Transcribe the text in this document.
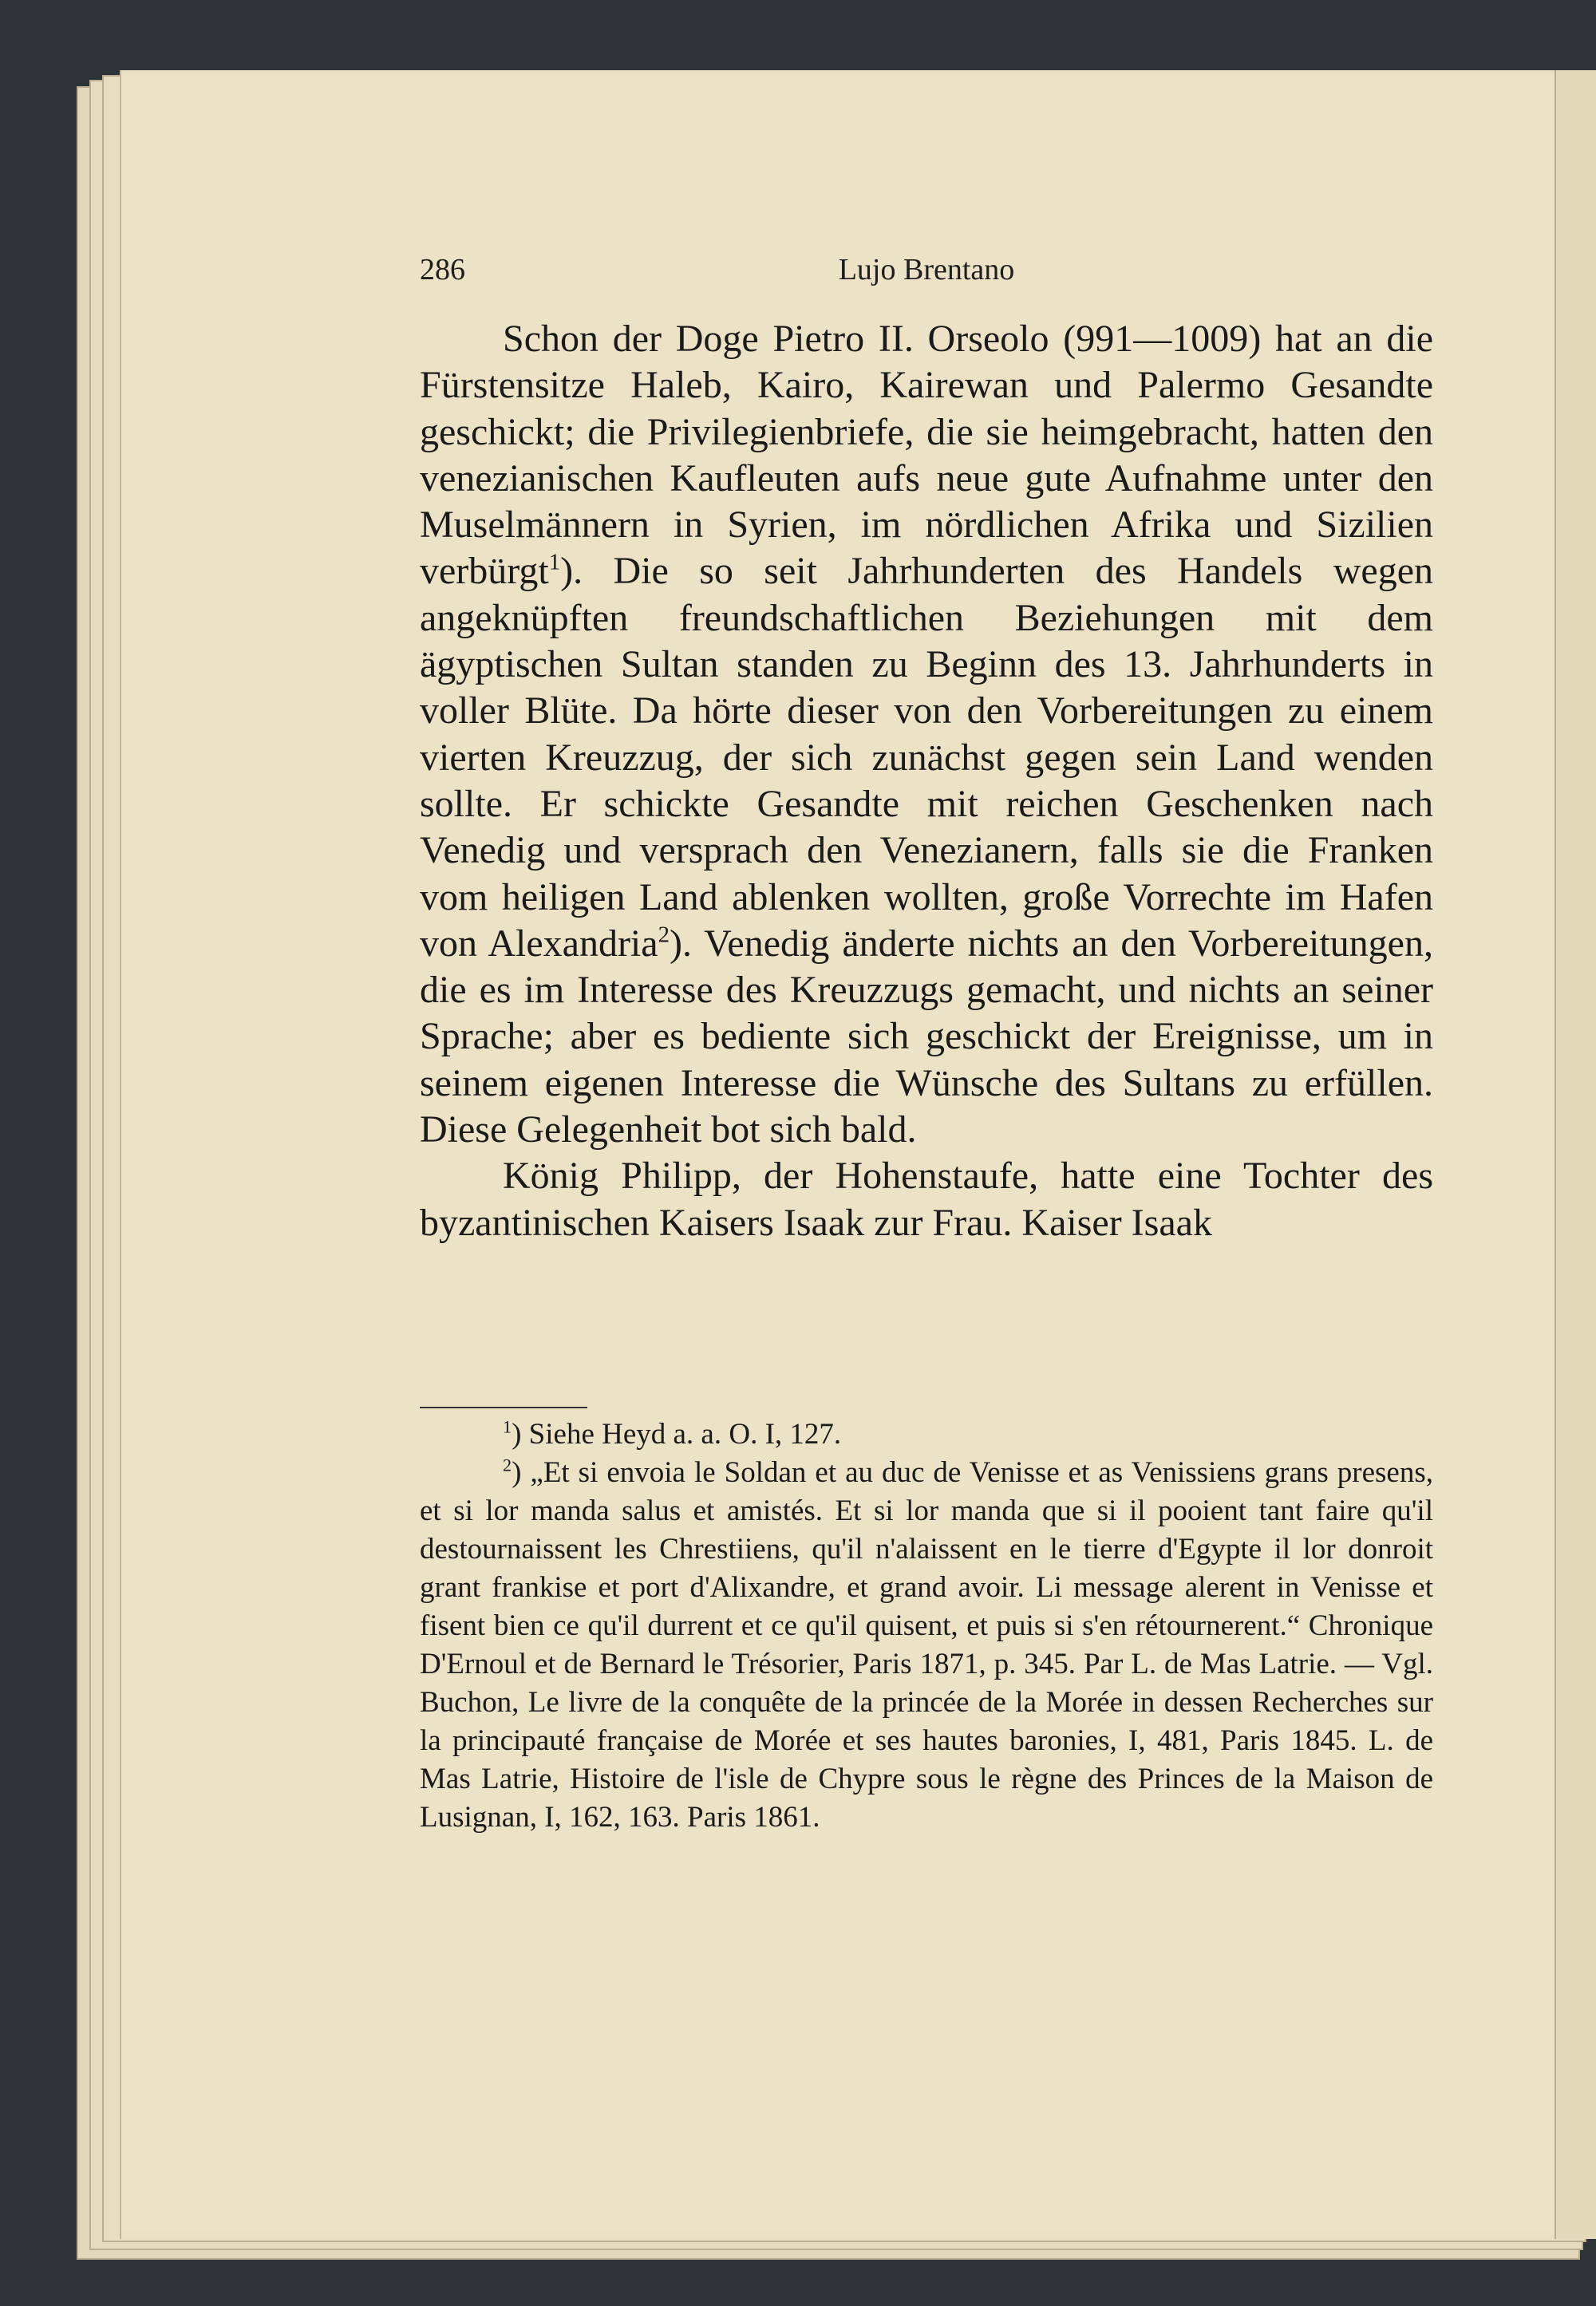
286	Lujo Brentano

Schon der Doge Pietro II. Orseolo (991—1009) hat an die Fürstensitze Haleb, Kairo, Kairewan und Palermo Gesandte geschickt; die Privilegienbriefe, die sie heimgebracht, hatten den venezianischen Kaufleuten aufs neue gute Aufnahme unter den Muselmännern in Syrien, im nördlichen Afrika und Sizilien verbürgt$^1$). Die so seit Jahrhunderten des Handels wegen angeknüpften freundschaftlichen Beziehungen mit dem ägyptischen Sultan standen zu Beginn des 13. Jahrhunderts in voller Blüte. Da hörte dieser von den Vorbereitungen zu einem vierten Kreuzzug, der sich zunächst gegen sein Land wenden sollte. Er schickte Gesandte mit reichen Geschenken nach Venedig und versprach den Venezianern, falls sie die Franken vom heiligen Land ablenken wollten, große Vorrechte im Hafen von Alexandria$^2$). Venedig änderte nichts an den Vorbereitungen, die es im Interesse des Kreuzzugs gemacht, und nichts an seiner Sprache; aber es bediente sich geschickt der Ereignisse, um in seinem eigenen Interesse die Wünsche des Sultans zu erfüllen. Diese Gelegenheit bot sich bald.

König Philipp, der Hohenstaufe, hatte eine Tochter des byzantinischen Kaisers Isaak zur Frau. Kaiser Isaak

$^1$) Siehe Heyd a. a. O. I, 127.

$^2$) „Et si envoia le Soldan et au duc de Venisse et as Venissiens grans presens, et si lor manda salus et amistés. Et si lor manda que si il pooient tant faire qu'il destournaissent les Chrestiiens, qu'il n'alaissent en le tierre d'Egypte il lor donroit grant frankise et port d'Alixandre, et grand avoir. Li message alerent in Venisse et fisent bien ce qu'il durrent et ce qu'il quisent, et puis si s'en rétournerent.“ Chronique D'Ernoul et de Bernard le Trésorier, Paris 1871, p. 345. Par L. de Mas Latrie. — Vgl. Buchon, Le livre de la conquête de la princée de la Morée in dessen Recherches sur la principauté française de Morée et ses hautes baronies, I, 481, Paris 1845. L. de Mas Latrie, Histoire de l'isle de Chypre sous le règne des Princes de la Maison de Lusignan, I, 162, 163. Paris 1861.
